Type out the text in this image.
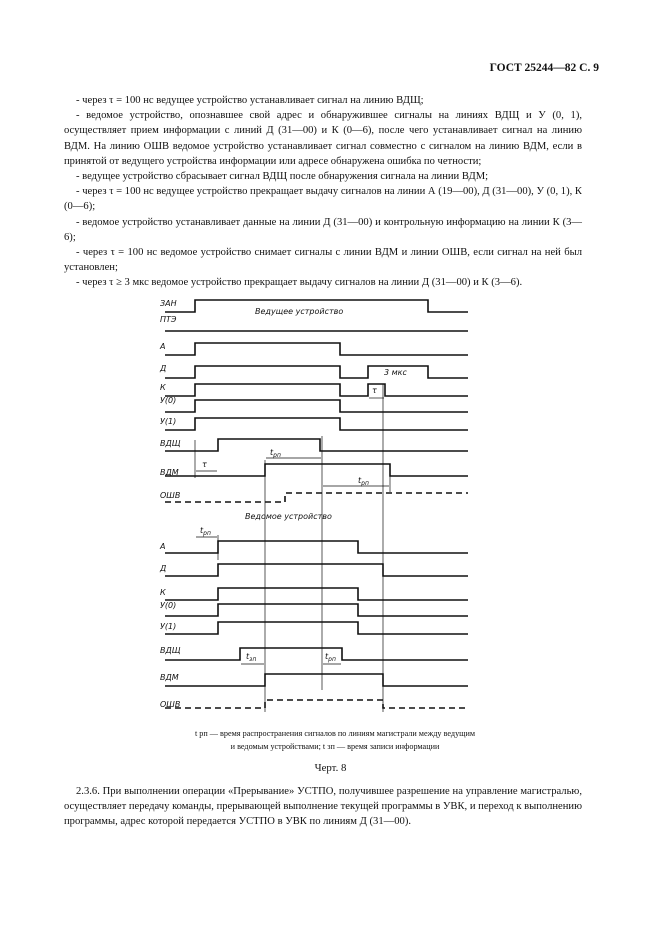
ГОСТ 25244—82 С. 9

- через τ = 100 нс ведущее устройство устанавливает сигнал на линию ВДЩ;

- ведомое устройство, опознавшее свой адрес и обнаружившее сигналы на линиях ВДЩ и У (0, 1), осуществляет прием информации с линий Д (31—00) и К (0—6), после чего устанавливает сигнал на линию ВДМ. На линию ОШВ ведомое устройство устанавливает сигнал совместно с сигналом на линию ВДМ, если в принятой от ведущего устройства информации или адресе обнаружена ошибка по четности;

- ведущее устройство сбрасывает сигнал ВДЩ после обнаружения сигнала на линии ВДМ;

- через τ = 100 нс ведущее устройство прекращает выдачу сигналов на линии А (19—00), Д (31—00), У (0, 1), К (0—6);

- ведомое устройство устанавливает данные на линии Д (31—00) и контрольную информацию на линии К (3—6);

- через τ = 100 нс ведомое устройство снимает сигналы с линии ВДМ и линии ОШВ, если сигнал на ней был установлен;

- через τ ≥ 3 мкс ведомое устройство прекращает выдачу сигналов на линии Д (31—00) и К (3—6).

ЗАН
ПТЭ
А
Д
К
У(0)
У(1)
ВДЩ
ВДМ
ОШВ
А
Д
К
У(0)
У(1)
ВДЩ
ВДМ
ОШВ
Ведущее устройство
Ведомое устройство
3 мкс
τ
τ
$t_{рп}$
$t_{рп}$
$t_{рп}$
$t_{зп}$	$t_{рп}$
t рп — время распространения сигналов по линиям магистрали между ведущим
и ведомым устройствами; t зп — время записи информации
Черт. 8

2.3.6. При выполнении операции «Прерывание» УСТПО, получившее разрешение на управление магистралью, осуществляет передачу команды, прерывающей выполнение текущей программы в УВК, и переход к выполнению программы, адрес которой передается УСТПО в УВК по линиям Д (31—00).
